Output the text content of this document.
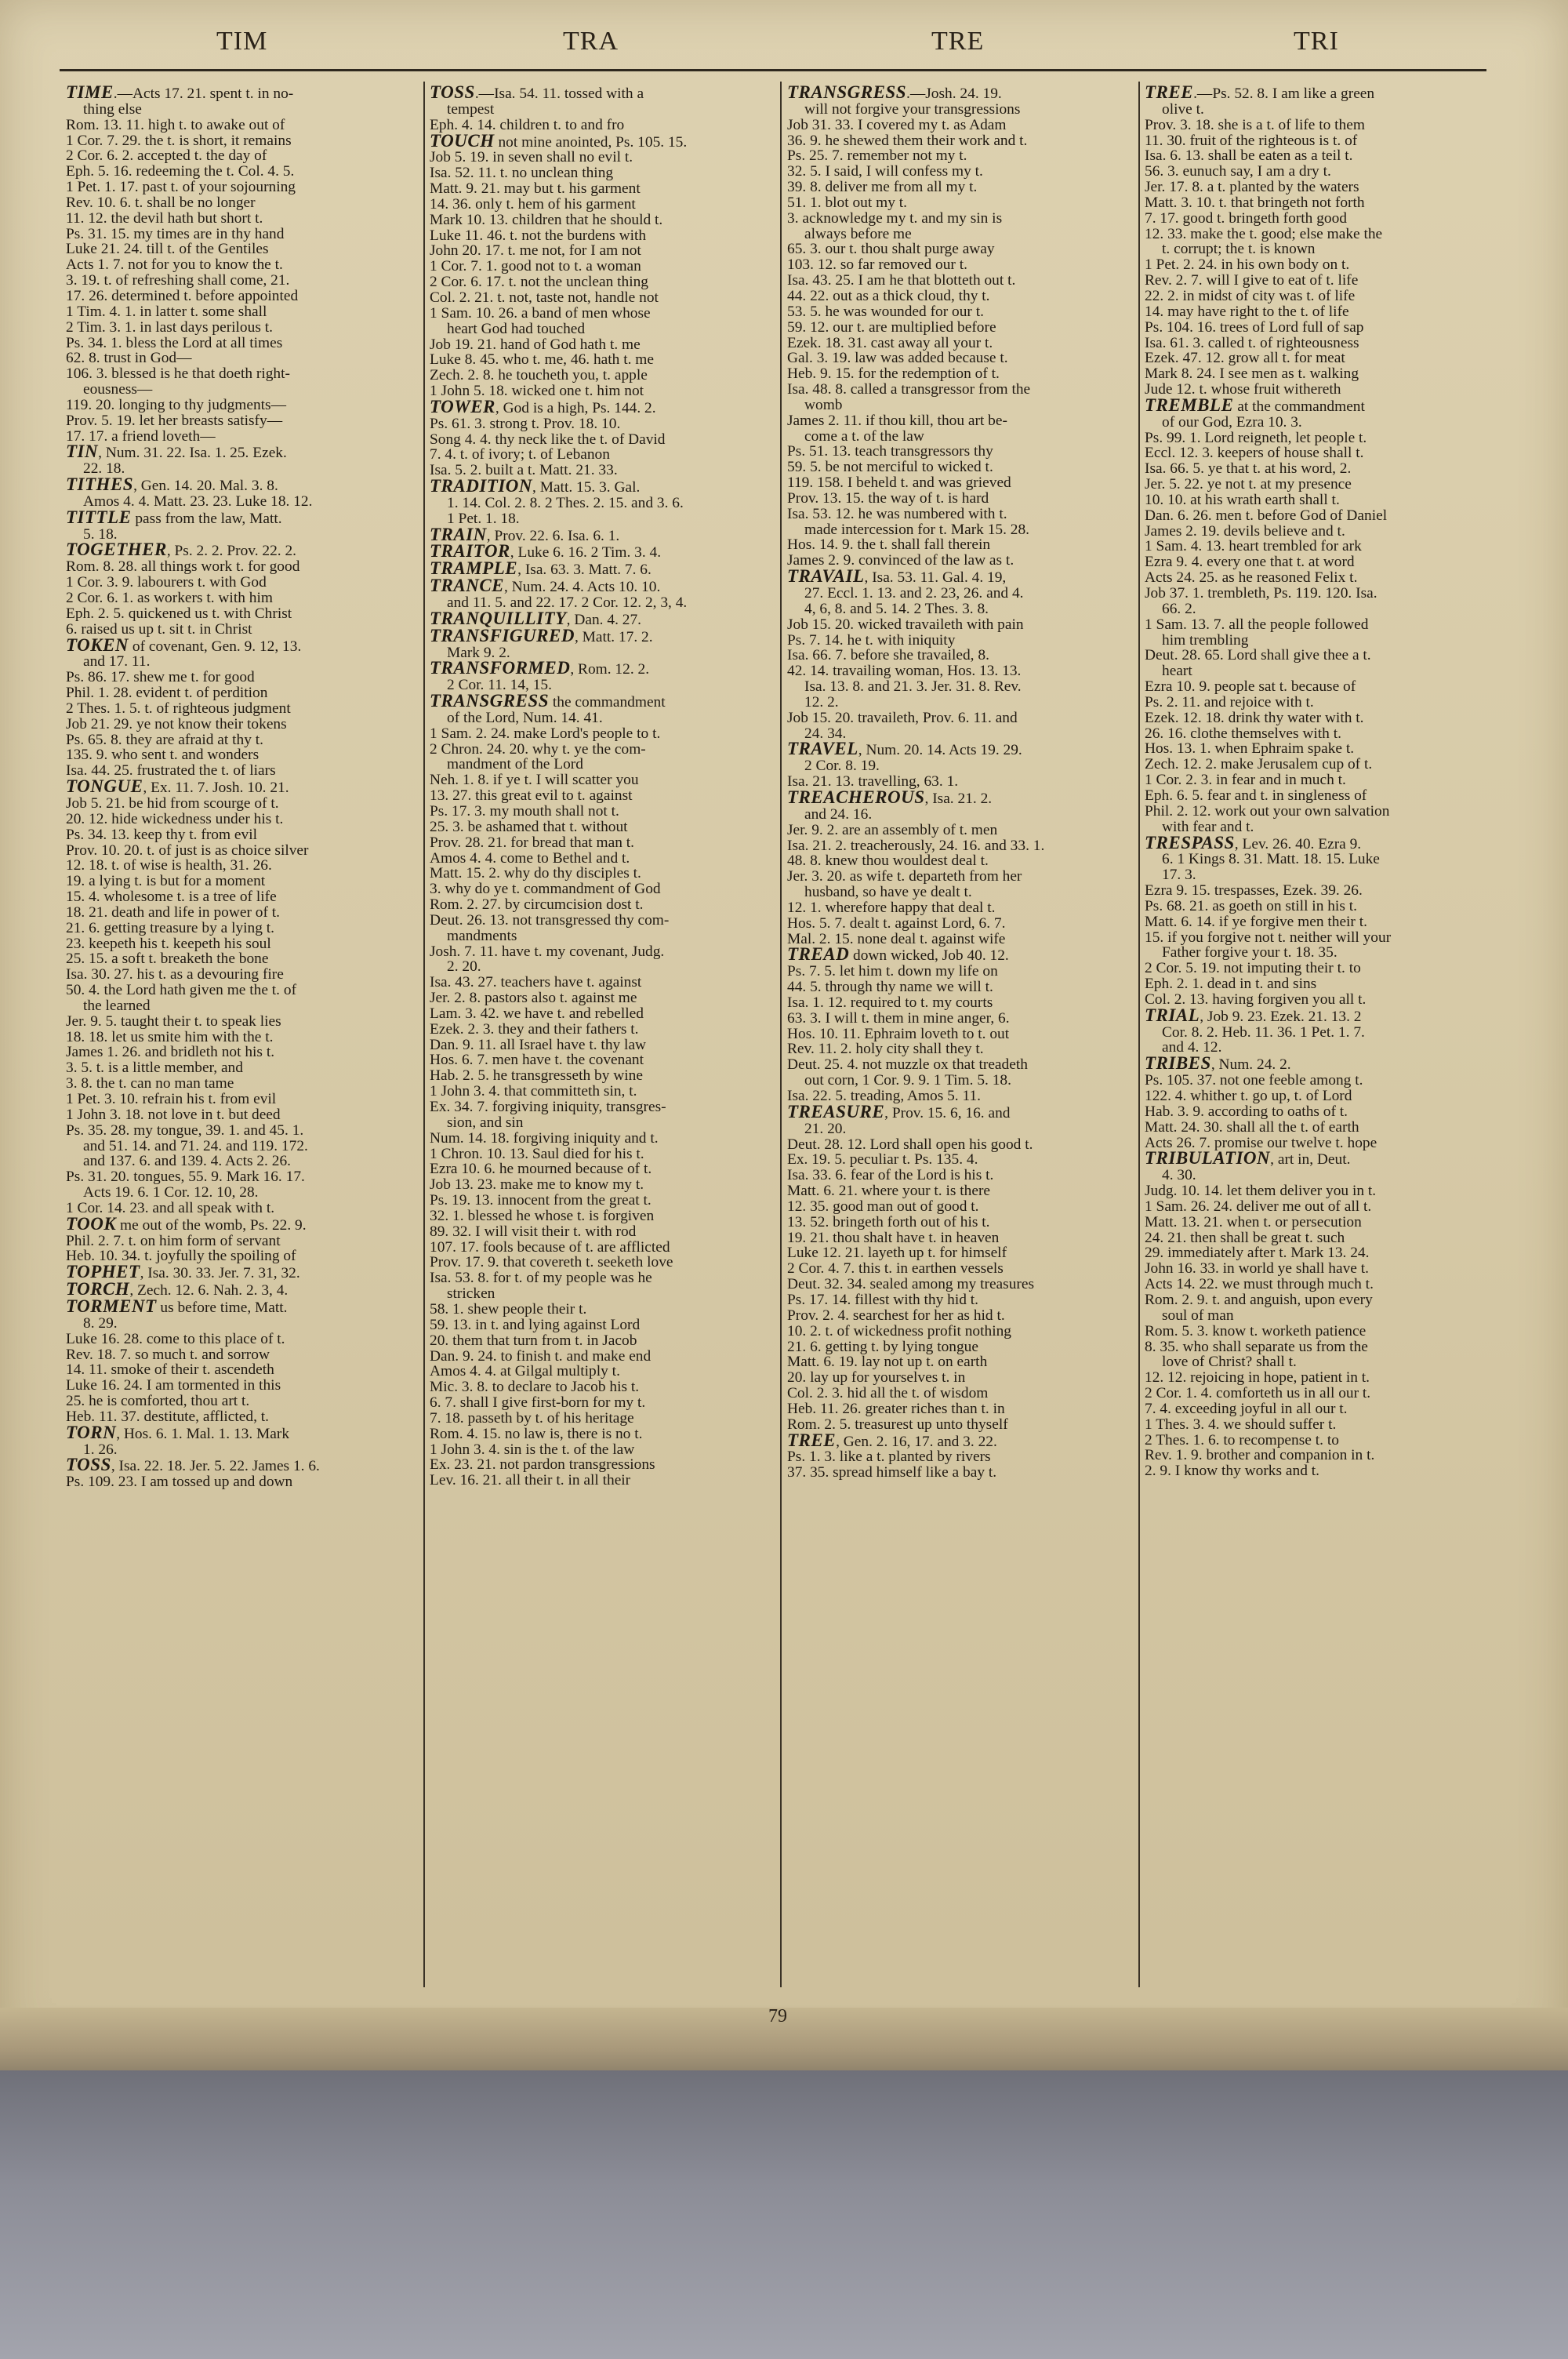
TIM	TRA	TRE	TRI
TIME.—Acts 17. 21. spent t. in no-
thing else
Rom. 13. 11. high t. to awake out of
1 Cor. 7. 29. the t. is short, it remains
2 Cor. 6. 2. accepted t. the day of
Eph. 5. 16. redeeming the t. Col. 4. 5.
1 Pet. 1. 17. past t. of your sojourning
Rev. 10. 6. t. shall be no longer
11. 12. the devil hath but short t.
Ps. 31. 15. my times are in thy hand
Luke 21. 24. till t. of the Gentiles
Acts 1. 7. not for you to know the t.
3. 19. t. of refreshing shall come, 21.
17. 26. determined t. before appointed
1 Tim. 4. 1. in latter t. some shall
2 Tim. 3. 1. in last days perilous t.
Ps. 34. 1. bless the Lord at all times
62. 8. trust in God—
106. 3. blessed is he that doeth right-
eousness—
119. 20. longing to thy judgments—
Prov. 5. 19. let her breasts satisfy—
17. 17. a friend loveth—
TIN, Num. 31. 22. Isa. 1. 25. Ezek.
22. 18.
TITHES, Gen. 14. 20. Mal. 3. 8.
Amos 4. 4. Matt. 23. 23. Luke 18. 12.
TITTLE pass from the law, Matt.
5. 18.
TOGETHER, Ps. 2. 2. Prov. 22. 2.
Rom. 8. 28. all things work t. for good
1 Cor. 3. 9. labourers t. with God
2 Cor. 6. 1. as workers t. with him
Eph. 2. 5. quickened us t. with Christ
6. raised us up t. sit t. in Christ
TOKEN of covenant, Gen. 9. 12, 13.
and 17. 11.
Ps. 86. 17. shew me t. for good
Phil. 1. 28. evident t. of perdition
2 Thes. 1. 5. t. of righteous judgment
Job 21. 29. ye not know their tokens
Ps. 65. 8. they are afraid at thy t.
135. 9. who sent t. and wonders
Isa. 44. 25. frustrated the t. of liars
TONGUE, Ex. 11. 7. Josh. 10. 21.
Job 5. 21. be hid from scourge of t.
20. 12. hide wickedness under his t.
Ps. 34. 13. keep thy t. from evil
Prov. 10. 20. t. of just is as choice silver
12. 18. t. of wise is health, 31. 26.
19. a lying t. is but for a moment
15. 4. wholesome t. is a tree of life
18. 21. death and life in power of t.
21. 6. getting treasure by a lying t.
23. keepeth his t. keepeth his soul
25. 15. a soft t. breaketh the bone
Isa. 30. 27. his t. as a devouring fire
50. 4. the Lord hath given me the t. of
the learned
Jer. 9. 5. taught their t. to speak lies
18. 18. let us smite him with the t.
James 1. 26. and bridleth not his t.
3. 5. t. is a little member, and
3. 8. the t. can no man tame
1 Pet. 3. 10. refrain his t. from evil
1 John 3. 18. not love in t. but deed
Ps. 35. 28. my tongue, 39. 1. and 45. 1.
and 51. 14. and 71. 24. and 119. 172.
and 137. 6. and 139. 4. Acts 2. 26.
Ps. 31. 20. tongues, 55. 9. Mark 16. 17.
Acts 19. 6. 1 Cor. 12. 10, 28.
1 Cor. 14. 23. and all speak with t.
TOOK me out of the womb, Ps. 22. 9.
Phil. 2. 7. t. on him form of servant
Heb. 10. 34. t. joyfully the spoiling of
TOPHET, Isa. 30. 33. Jer. 7. 31, 32.
TORCH, Zech. 12. 6. Nah. 2. 3, 4.
TORMENT us before time, Matt.
8. 29.
Luke 16. 28. come to this place of t.
Rev. 18. 7. so much t. and sorrow
14. 11. smoke of their t. ascendeth
Luke 16. 24. I am tormented in this
25. he is comforted, thou art t.
Heb. 11. 37. destitute, afflicted, t.
TORN, Hos. 6. 1. Mal. 1. 13. Mark
1. 26.
TOSS, Isa. 22. 18. Jer. 5. 22. James 1. 6.
Ps. 109. 23. I am tossed up and down
TOSS.—Isa. 54. 11. tossed with a
tempest
Eph. 4. 14. children t. to and fro
TOUCH not mine anointed, Ps. 105. 15.
Job 5. 19. in seven shall no evil t.
Isa. 52. 11. t. no unclean thing
Matt. 9. 21. may but t. his garment
14. 36. only t. hem of his garment
Mark 10. 13. children that he should t.
Luke 11. 46. t. not the burdens with
John 20. 17. t. me not, for I am not
1 Cor. 7. 1. good not to t. a woman
2 Cor. 6. 17. t. not the unclean thing
Col. 2. 21. t. not, taste not, handle not
1 Sam. 10. 26. a band of men whose
heart God had touched
Job 19. 21. hand of God hath t. me
Luke 8. 45. who t. me, 46. hath t. me
Zech. 2. 8. he toucheth you, t. apple
1 John 5. 18. wicked one t. him not
TOWER, God is a high, Ps. 144. 2.
Ps. 61. 3. strong t. Prov. 18. 10.
Song 4. 4. thy neck like the t. of David
7. 4. t. of ivory; t. of Lebanon
Isa. 5. 2. built a t. Matt. 21. 33.
TRADITION, Matt. 15. 3. Gal.
1. 14. Col. 2. 8. 2 Thes. 2. 15. and 3. 6.
1 Pet. 1. 18.
TRAIN, Prov. 22. 6. Isa. 6. 1.
TRAITOR, Luke 6. 16. 2 Tim. 3. 4.
TRAMPLE, Isa. 63. 3. Matt. 7. 6.
TRANCE, Num. 24. 4. Acts 10. 10.
and 11. 5. and 22. 17. 2 Cor. 12. 2, 3, 4.
TRANQUILLITY, Dan. 4. 27.
TRANSFIGURED, Matt. 17. 2.
Mark 9. 2.
TRANSFORMED, Rom. 12. 2.
2 Cor. 11. 14, 15.
TRANSGRESS the commandment
of the Lord, Num. 14. 41.
1 Sam. 2. 24. make Lord's people to t.
2 Chron. 24. 20. why t. ye the com-
mandment of the Lord
Neh. 1. 8. if ye t. I will scatter you
13. 27. this great evil to t. against
Ps. 17. 3. my mouth shall not t.
25. 3. be ashamed that t. without
Prov. 28. 21. for bread that man t.
Amos 4. 4. come to Bethel and t.
Matt. 15. 2. why do thy disciples t.
3. why do ye t. commandment of God
Rom. 2. 27. by circumcision dost t.
Deut. 26. 13. not transgressed thy com-
mandments
Josh. 7. 11. have t. my covenant, Judg.
2. 20.
Isa. 43. 27. teachers have t. against
Jer. 2. 8. pastors also t. against me
Lam. 3. 42. we have t. and rebelled
Ezek. 2. 3. they and their fathers t.
Dan. 9. 11. all Israel have t. thy law
Hos. 6. 7. men have t. the covenant
Hab. 2. 5. he transgresseth by wine
1 John 3. 4. that committeth sin, t.
Ex. 34. 7. forgiving iniquity, transgres-
sion, and sin
Num. 14. 18. forgiving iniquity and t.
1 Chron. 10. 13. Saul died for his t.
Ezra 10. 6. he mourned because of t.
Job 13. 23. make me to know my t.
Ps. 19. 13. innocent from the great t.
32. 1. blessed he whose t. is forgiven
89. 32. I will visit their t. with rod
107. 17. fools because of t. are afflicted
Prov. 17. 9. that covereth t. seeketh love
Isa. 53. 8. for t. of my people was he
stricken
58. 1. shew people their t.
59. 13. in t. and lying against Lord
20. them that turn from t. in Jacob
Dan. 9. 24. to finish t. and make end
Amos 4. 4. at Gilgal multiply t.
Mic. 3. 8. to declare to Jacob his t.
6. 7. shall I give first-born for my t.
7. 18. passeth by t. of his heritage
Rom. 4. 15. no law is, there is no t.
1 John 3. 4. sin is the t. of the law
Ex. 23. 21. not pardon transgressions
Lev. 16. 21. all their t. in all their
TRANSGRESS.—Josh. 24. 19.
will not forgive your transgressions
Job 31. 33. I covered my t. as Adam
36. 9. he shewed them their work and t.
Ps. 25. 7. remember not my t.
32. 5. I said, I will confess my t.
39. 8. deliver me from all my t.
51. 1. blot out my t.
3. acknowledge my t. and my sin is
always before me
65. 3. our t. thou shalt purge away
103. 12. so far removed our t.
Isa. 43. 25. I am he that blotteth out t.
44. 22. out as a thick cloud, thy t.
53. 5. he was wounded for our t.
59. 12. our t. are multiplied before
Ezek. 18. 31. cast away all your t.
Gal. 3. 19. law was added because t.
Heb. 9. 15. for the redemption of t.
Isa. 48. 8. called a transgressor from the
womb
James 2. 11. if thou kill, thou art be-
come a t. of the law
Ps. 51. 13. teach transgressors thy
59. 5. be not merciful to wicked t.
119. 158. I beheld t. and was grieved
Prov. 13. 15. the way of t. is hard
Isa. 53. 12. he was numbered with t.
made intercession for t. Mark 15. 28.
Hos. 14. 9. the t. shall fall therein
James 2. 9. convinced of the law as t.
TRAVAIL, Isa. 53. 11. Gal. 4. 19,
27. Eccl. 1. 13. and 2. 23, 26. and 4.
4, 6, 8. and 5. 14. 2 Thes. 3. 8.
Job 15. 20. wicked travaileth with pain
Ps. 7. 14. he t. with iniquity
Isa. 66. 7. before she travailed, 8.
42. 14. travailing woman, Hos. 13. 13.
Isa. 13. 8. and 21. 3. Jer. 31. 8. Rev.
12. 2.
Job 15. 20. travaileth, Prov. 6. 11. and
24. 34.
TRAVEL, Num. 20. 14. Acts 19. 29.
2 Cor. 8. 19.
Isa. 21. 13. travelling, 63. 1.
TREACHEROUS, Isa. 21. 2.
and 24. 16.
Jer. 9. 2. are an assembly of t. men
Isa. 21. 2. treacherously, 24. 16. and 33. 1.
48. 8. knew thou wouldest deal t.
Jer. 3. 20. as wife t. departeth from her
husband, so have ye dealt t.
12. 1. wherefore happy that deal t.
Hos. 5. 7. dealt t. against Lord, 6. 7.
Mal. 2. 15. none deal t. against wife
TREAD down wicked, Job 40. 12.
Ps. 7. 5. let him t. down my life on
44. 5. through thy name we will t.
Isa. 1. 12. required to t. my courts
63. 3. I will t. them in mine anger, 6.
Hos. 10. 11. Ephraim loveth to t. out
Rev. 11. 2. holy city shall they t.
Deut. 25. 4. not muzzle ox that treadeth
out corn, 1 Cor. 9. 9. 1 Tim. 5. 18.
Isa. 22. 5. treading, Amos 5. 11.
TREASURE, Prov. 15. 6, 16. and
21. 20.
Deut. 28. 12. Lord shall open his good t.
Ex. 19. 5. peculiar t. Ps. 135. 4.
Isa. 33. 6. fear of the Lord is his t.
Matt. 6. 21. where your t. is there
12. 35. good man out of good t.
13. 52. bringeth forth out of his t.
19. 21. thou shalt have t. in heaven
Luke 12. 21. layeth up t. for himself
2 Cor. 4. 7. this t. in earthen vessels
Deut. 32. 34. sealed among my treasures
Ps. 17. 14. fillest with thy hid t.
Prov. 2. 4. searchest for her as hid t.
10. 2. t. of wickedness profit nothing
21. 6. getting t. by lying tongue
Matt. 6. 19. lay not up t. on earth
20. lay up for yourselves t. in
Col. 2. 3. hid all the t. of wisdom
Heb. 11. 26. greater riches than t. in
Rom. 2. 5. treasurest up unto thyself
TREE, Gen. 2. 16, 17. and 3. 22.
Ps. 1. 3. like a t. planted by rivers
37. 35. spread himself like a bay t.
TREE.—Ps. 52. 8. I am like a green
olive t.
Prov. 3. 18. she is a t. of life to them
11. 30. fruit of the righteous is t. of
Isa. 6. 13. shall be eaten as a teil t.
56. 3. eunuch say, I am a dry t.
Jer. 17. 8. a t. planted by the waters
Matt. 3. 10. t. that bringeth not forth
7. 17. good t. bringeth forth good
12. 33. make the t. good; else make the
t. corrupt; the t. is known
1 Pet. 2. 24. in his own body on t.
Rev. 2. 7. will I give to eat of t. life
22. 2. in midst of city was t. of life
14. may have right to the t. of life
Ps. 104. 16. trees of Lord full of sap
Isa. 61. 3. called t. of righteousness
Ezek. 47. 12. grow all t. for meat
Mark 8. 24. I see men as t. walking
Jude 12. t. whose fruit withereth
TREMBLE at the commandment
of our God, Ezra 10. 3.
Ps. 99. 1. Lord reigneth, let people t.
Eccl. 12. 3. keepers of house shall t.
Isa. 66. 5. ye that t. at his word, 2.
Jer. 5. 22. ye not t. at my presence
10. 10. at his wrath earth shall t.
Dan. 6. 26. men t. before God of Daniel
James 2. 19. devils believe and t.
1 Sam. 4. 13. heart trembled for ark
Ezra 9. 4. every one that t. at word
Acts 24. 25. as he reasoned Felix t.
Job 37. 1. trembleth, Ps. 119. 120. Isa.
66. 2.
1 Sam. 13. 7. all the people followed
him trembling
Deut. 28. 65. Lord shall give thee a t.
heart
Ezra 10. 9. people sat t. because of
Ps. 2. 11. and rejoice with t.
Ezek. 12. 18. drink thy water with t.
26. 16. clothe themselves with t.
Hos. 13. 1. when Ephraim spake t.
Zech. 12. 2. make Jerusalem cup of t.
1 Cor. 2. 3. in fear and in much t.
Eph. 6. 5. fear and t. in singleness of
Phil. 2. 12. work out your own salvation
with fear and t.
TRESPASS, Lev. 26. 40. Ezra 9.
6. 1 Kings 8. 31. Matt. 18. 15. Luke
17. 3.
Ezra 9. 15. trespasses, Ezek. 39. 26.
Ps. 68. 21. as goeth on still in his t.
Matt. 6. 14. if ye forgive men their t.
15. if you forgive not t. neither will your
Father forgive your t. 18. 35.
2 Cor. 5. 19. not imputing their t. to
Eph. 2. 1. dead in t. and sins
Col. 2. 13. having forgiven you all t.
TRIAL, Job 9. 23. Ezek. 21. 13. 2
Cor. 8. 2. Heb. 11. 36. 1 Pet. 1. 7.
and 4. 12.
TRIBES, Num. 24. 2.
Ps. 105. 37. not one feeble among t.
122. 4. whither t. go up, t. of Lord
Hab. 3. 9. according to oaths of t.
Matt. 24. 30. shall all the t. of earth
Acts 26. 7. promise our twelve t. hope
TRIBULATION, art in, Deut.
4. 30.
Judg. 10. 14. let them deliver you in t.
1 Sam. 26. 24. deliver me out of all t.
Matt. 13. 21. when t. or persecution
24. 21. then shall be great t. such
29. immediately after t. Mark 13. 24.
John 16. 33. in world ye shall have t.
Acts 14. 22. we must through much t.
Rom. 2. 9. t. and anguish, upon every
soul of man
Rom. 5. 3. know t. worketh patience
8. 35. who shall separate us from the
love of Christ? shall t.
12. 12. rejoicing in hope, patient in t.
2 Cor. 1. 4. comforteth us in all our t.
7. 4. exceeding joyful in all our t.
1 Thes. 3. 4. we should suffer t.
2 Thes. 1. 6. to recompense t. to
Rev. 1. 9. brother and companion in t.
2. 9. I know thy works and t.
79
